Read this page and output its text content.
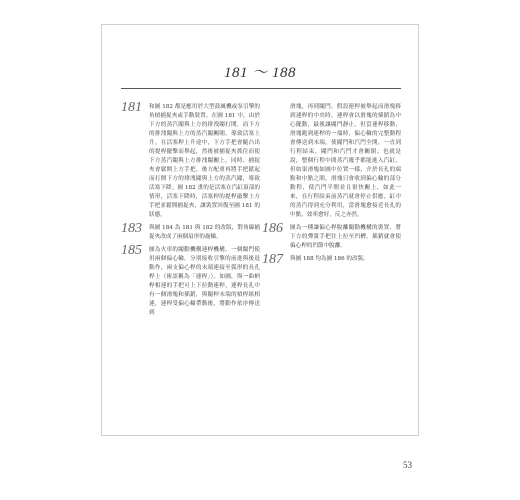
181 ～ 188
181 和圖 182 都是應用於大型鼓風機或泵引擎的角槓捕捉夾或手動裝置。在圖 181 中，由於下方的蒸汽閥與上方的排洩閥打開，而下方的排洩閥與上方的蒸汽閥關閉，導致活塞上升。在活塞桿上升途中，下方手把會隨凸出的提桿擺擊而舉起，然後被捕捉夾抓住而使下方蒸汽閥與上方排洩閥關上，同時，捕捉夾會鬆開上方手把，後方配重再將手把鬆起而打開下方的排洩閥與上方的蒸汽閥，導致活塞下降。圖 182 畫的是活塞在汽缸頂部的情形，活塞下降時，活塞桿的提桿敲擊上方手把並鬆開捕捉夾，讓裝置回復至圖 181 的狀態。
183 與圖 184 為 181 與 182 的改版，對角線捕捉夾改成了兩個扇形的齒輪。
185 圖為火車的閥動機構連桿機構。一個閥門使用兩個偏心輪，分別接收引擎的前進與後退動作，兩支偏心桿的末端連接至弧形的長孔桿上（術語稱為「連桿」）。如圖，與一曲柄桿相連的手把可上下拉動連桿，連桿長孔中有一個滑塊和插銷，與閥桿末端的槓桿組相連，連桿受偏心輪帶動後，將動作依序傳送到
滑塊，再到閥門。假設連桿被舉起而滑塊移到連桿的中央時，連桿會以滑塊的插銷為中心擺動，最後讓閥門靜止，但當連桿移動，滑塊跑到連桿的一端時，偏心輪的完整動程會傳送到末端，使閥門和汽門全開，一直到行程結束，閥門和汽門才會關閉；也就是說，整個行程中間蒸汽幾乎都能進入汽缸，但如果滑塊如圖中位置一樣，介於長孔的端點和中點之間，滑塊只會收到偏心輪的部分動程，使汽門半開並且很快關上，如此一來，在行程結束前蒸汽就會停止供應，缸中的蒸汽得到充分利用，當滑塊愈接近長孔的中點，效率愈好，反之亦然。
186 圖為一種讓偏心桿脫離閥動機構的裝置，將下方的彈簧手把往上拉至凹槽，插銷就會使偏心桿的凹節中脫離。
187 與圖 188 均為圖 186 的改版。
53
